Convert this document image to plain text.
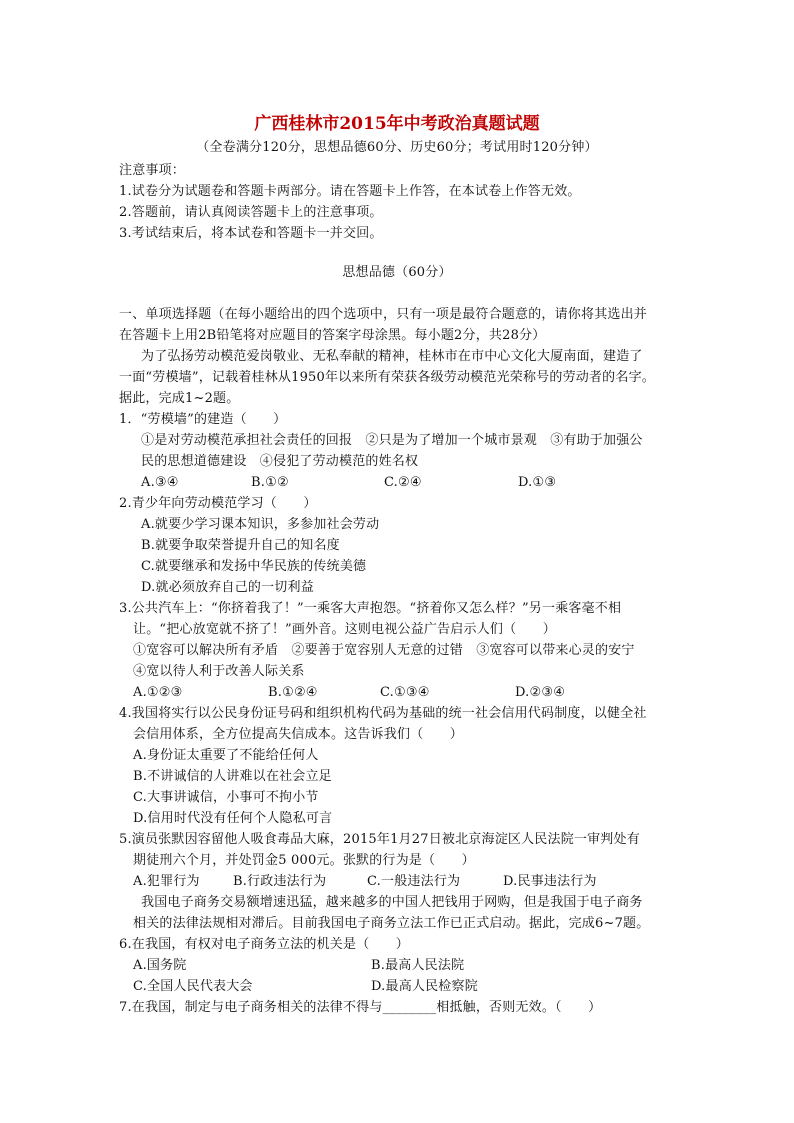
广西桂林市2015年中考政治真题试题
（全卷满分120分，思想品德60分、历史60分；考试用时120分钟）
注意事项：
1.试卷分为试题卷和答题卡两部分。请在答题卡上作答，在本试卷上作答无效。
2.答题前，请认真阅读答题卡上的注意事项。
3.考试结束后，将本试卷和答题卡一并交回。
思想品德（60分）
一、单项选择题（在每小题给出的四个选项中，只有一项是最符合题意的，请你将其选出并
在答题卡上用2B铅笔将对应题目的答案字母涂黑。每小题2分，共28分）
为了弘扬劳动模范爱岗敬业、无私奉献的精神，桂林市在市中心文化大厦南面，建造了
一面“劳模墙”，记载着桂林从1950年以来所有荣获各级劳动模范光荣称号的劳动者的名字。
据此，完成1~2题。
1．“劳模墙”的建造（　　）
①是对劳动模范承担社会责任的回报　②只是为了增加一个城市景观　③有助于加强公
民的思想道德建设　④侵犯了劳动模范的姓名权
A.③④	B.①②	C.②④	D.①③
2.青少年向劳动模范学习（　　）
A.就要少学习课本知识，多参加社会劳动
B.就要争取荣誉提升自己的知名度
C.就要继承和发扬中华民族的传统美德
D.就必须放弃自己的一切利益
3.公共汽车上：“你挤着我了！”一乘客大声抱怨。“挤着你又怎么样？”另一乘客毫不相
让。“把心放宽就不挤了！”画外音。这则电视公益广告启示人们（　　）
①宽容可以解决所有矛盾　②要善于宽容别人无意的过错　③宽容可以带来心灵的安宁
④宽以待人利于改善人际关系
A.①②③	B.①②④	C.①③④	D.②③④
4.我国将实行以公民身份证号码和组织机构代码为基础的统一社会信用代码制度，以健全社
会信用体系，全方位提高失信成本。这告诉我们（　　）
A.身份证太重要了不能给任何人
B.不讲诚信的人讲难以在社会立足
C.大事讲诚信，小事可不拘小节
D.信用时代没有任何个人隐私可言
5.演员张默因容留他人吸食毒品大麻，2015年1月27日被北京海淀区人民法院一审判处有
期徒刑六个月，并处罚金5 000元。张默的行为是（　　）
A.犯罪行为	B.行政违法行为	C.一般违法行为	D.民事违法行为
我国电子商务交易额增速迅猛，越来越多的中国人把钱用于网购，但是我国于电子商务
相关的法律法规相对滞后。目前我国电子商务立法工作已正式启动。据此，完成6~7题。
6.在我国，有权对电子商务立法的机关是（　　）
A.国务院	B.最高人民法院
C.全国人民代表大会	D.最高人民检察院
7.在我国，制定与电子商务相关的法律不得与________相抵触，否则无效。（　　）
